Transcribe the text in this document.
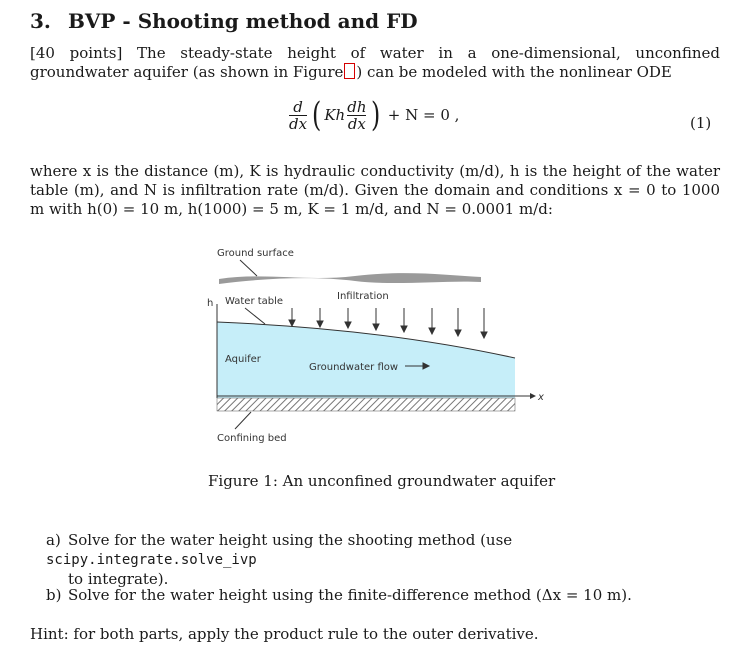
3. BVP - Shooting method and FD
[40 points] The steady-state height of water in a one-dimensional, unconfined groundwater aquifer (as shown in Figure ) can be modeled with the nonlinear ODE
$\frac{d}{dx}$ ( K h $\frac{dh}{dx}$ ) + N = 0 ,	(1)
where x is the distance (m), K is hydraulic conductivity (m/d), h is the height of the water table (m), and N is infiltration rate (m/d). Given the domain and conditions x = 0 to 1000 m with h(0) = 10 m, h(1000) = 5 m, K = 1 m/d, and N = 0.0001 m/d:
h
x
Ground surface
Water table	Infiltration
Aquifer
Groundwater flow
Confining bed
Figure 1: An unconfined groundwater aquifer
a) Solve for the water height using the shooting method (use scipy.integrate.solve_ivp
to integrate).
b) Solve for the water height using the finite-difference method (Δx = 10 m).
Hint: for both parts, apply the product rule to the outer derivative.
